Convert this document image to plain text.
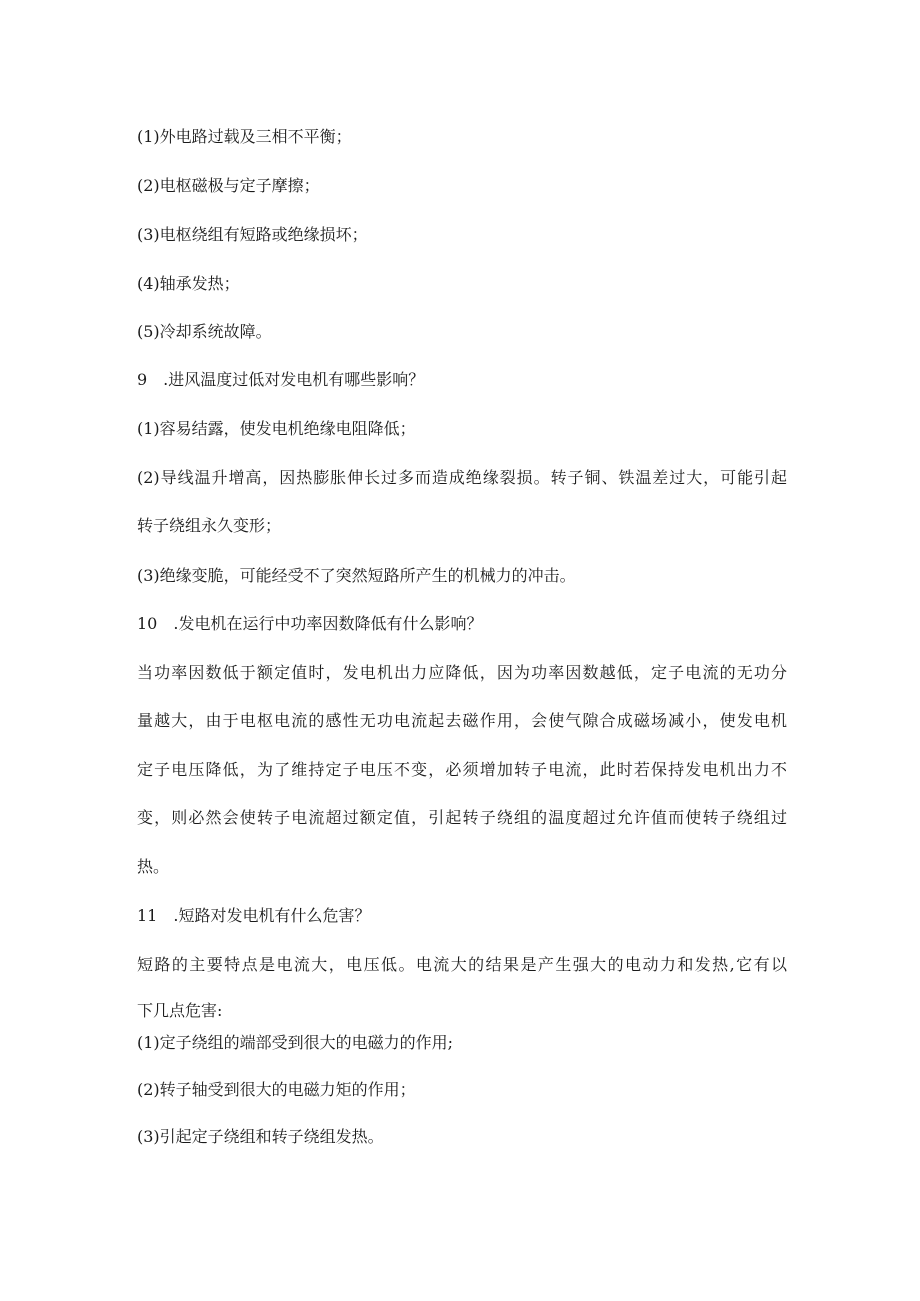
(1)外电路过载及三相不平衡；
(2)电枢磁极与定子摩擦；
(3)电枢绕组有短路或绝缘损坏；
(4)轴承发热；
(5)冷却系统故障。
9　.进风温度过低对发电机有哪些影响？
(1)容易结露，使发电机绝缘电阻降低；
(2)导线温升增高，因热膨胀伸长过多而造成绝缘裂损。转子铜、铁温差过大，可能引起
转子绕组永久变形；
(3)绝缘变脆，可能经受不了突然短路所产生的机械力的冲击。
10　.发电机在运行中功率因数降低有什么影响？
当功率因数低于额定值时，发电机出力应降低，因为功率因数越低，定子电流的无功分
量越大，由于电枢电流的感性无功电流起去磁作用，会使气隙合成磁场减小，使发电机
定子电压降低，为了维持定子电压不变，必须增加转子电流，此时若保持发电机出力不
变，则必然会使转子电流超过额定值，引起转子绕组的温度超过允许值而使转子绕组过
热。
11　.短路对发电机有什么危害？
短路的主要特点是电流大，电压低。电流大的结果是产生强大的电动力和发热,它有以
下几点危害:
(1)定子绕组的端部受到很大的电磁力的作用;
(2)转子轴受到很大的电磁力矩的作用；
(3)引起定子绕组和转子绕组发热。
